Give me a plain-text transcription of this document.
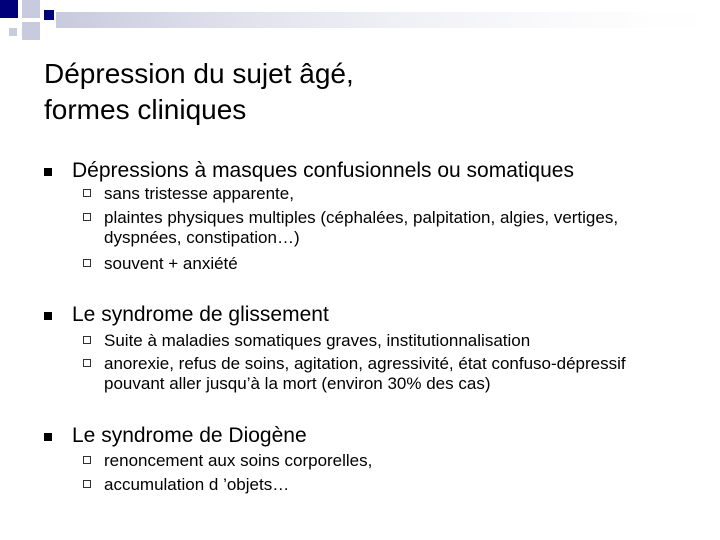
Dépression du sujet âgé,
formes cliniques
Dépressions à masques confusionnels ou somatiques
sans tristesse apparente,
plaintes physiques multiples (céphalées, palpitation, algies, vertiges, dyspnées, constipation…)
souvent + anxiété
Le syndrome de glissement
Suite à maladies somatiques graves, institutionnalisation
anorexie, refus de soins, agitation, agressivité, état confuso-dépressif pouvant aller jusqu’à la mort (environ 30% des cas)
Le syndrome de Diogène
renoncement aux soins corporelles,
accumulation d ’objets…
